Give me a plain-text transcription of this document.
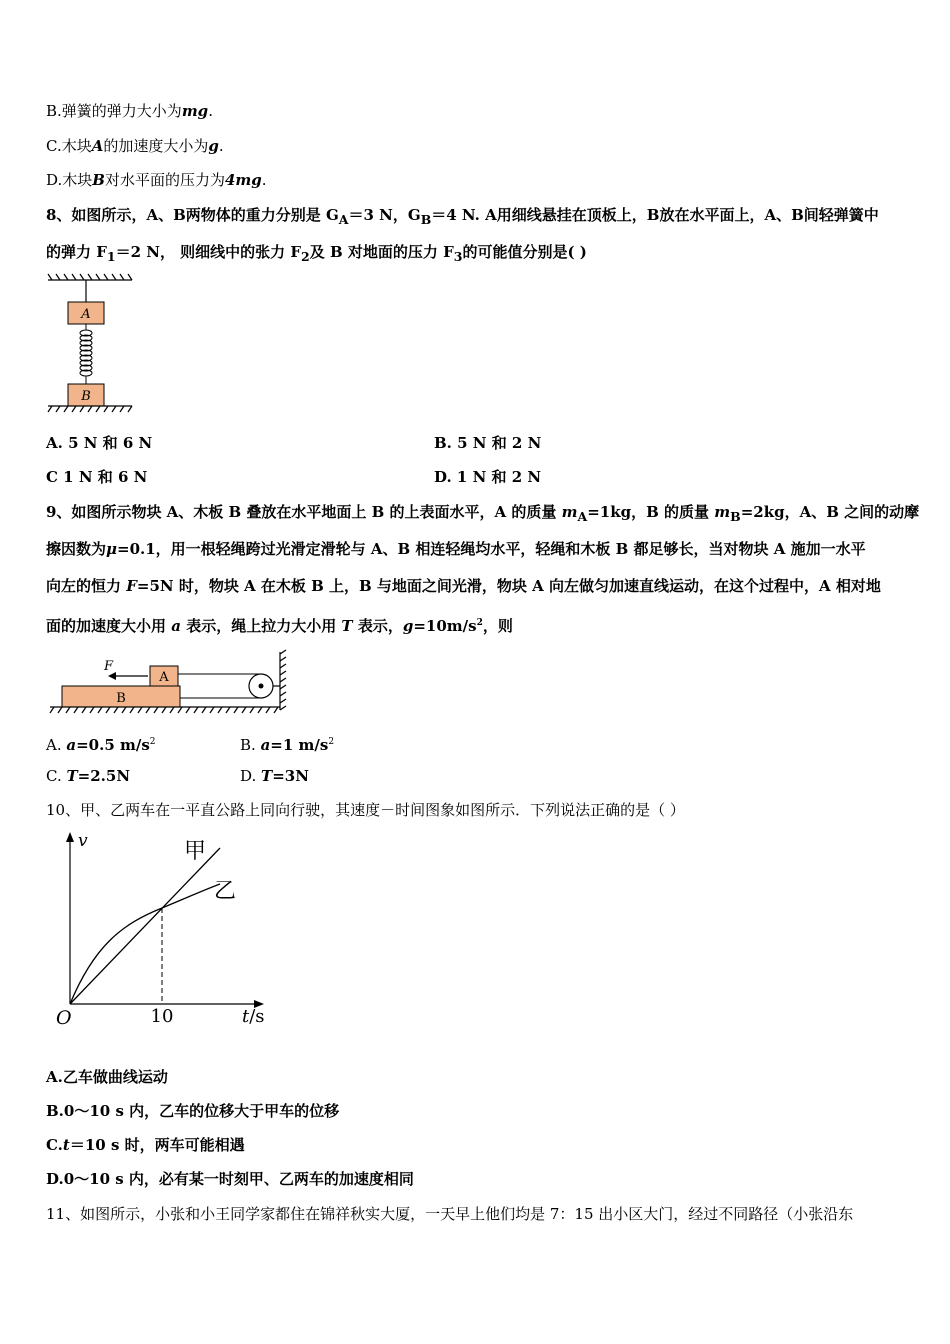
B.弹簧的弹力大小为mg.
C.木块A的加速度大小为g.
D.木块B对水平面的压力为4mg.
8、如图所示，A、B两物体的重力分别是 $G_A=3$ N，$G_B=4$ N. A用细线悬挂在顶板上，B放在水平面上，A、B间轻弹簧中
的弹力 $F_1=2$ N， 则细线中的张力 $F_2$及 B 对地面的压力 $F_3$的可能值分别是( )
A
B
A. 5 N 和 6 N	B. 5 N 和 2 N
C 1 N 和 6 N	D. 1 N 和 2 N
9、如图所示物块 A、木板 B 叠放在水平地面上 B 的上表面水平，A 的质量 $m_A=1kg$，B 的质量 $m_B=2kg$，A、B 之间的动摩
擦因数为μ=0.1，用一根轻绳跨过光滑定滑轮与 A、B 相连轻绳均水平，轻绳和木板 B 都足够长，当对物块 A 施加一水平
向左的恒力 F=5N 时，物块 A 在木板 B 上，B 与地面之间光滑，物块 A 向左做匀加速直线运动，在这个过程中，A 相对地
面的加速度大小用 a 表示，绳上拉力大小用 T 表示，$g=10m/s^2$，则
B
A
F
A. a=0.5 $m/s^2$	B. a=1 $m/s^2$
C. T=2.5N	D. T=3N
10、甲、乙两车在一平直公路上同向行驶，其速度－时间图象如图所示．下列说法正确的是（ ）
v
O	10	t/s
甲
乙
A.乙车做曲线运动
B.0～10 s 内，乙车的位移大于甲车的位移
C.t＝10 s 时，两车可能相遇
D.0～10 s 内，必有某一时刻甲、乙两车的加速度相同
11、如图所示，小张和小王同学家都住在锦祥秋实大厦，一天早上他们均是 7：15 出小区大门，经过不同路径（小张沿东
